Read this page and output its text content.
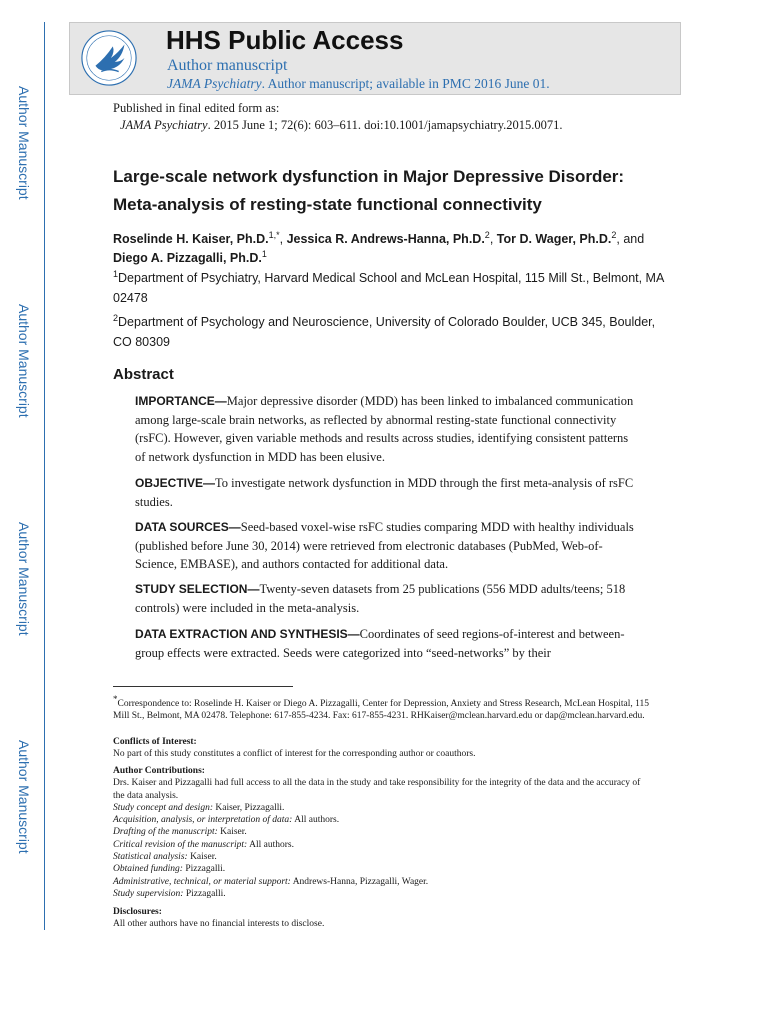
Author Manuscript
Author Manuscript
Author Manuscript
Author Manuscript
HHS Public Access
Author manuscript
JAMA Psychiatry. Author manuscript; available in PMC 2016 June 01.
Published in final edited form as:
JAMA Psychiatry. 2015 June 1; 72(6): 603–611. doi:10.1001/jamapsychiatry.2015.0071.
Large-scale network dysfunction in Major Depressive Disorder:
Meta-analysis of resting-state functional connectivity
Roselinde H. Kaiser, Ph.D.$^{1,*}$, Jessica R. Andrews-Hanna, Ph.D.$^2$, Tor D. Wager, Ph.D.$^2$, and
Diego A. Pizzagalli, Ph.D.$^1$
$^1$Department of Psychiatry, Harvard Medical School and McLean Hospital, 115 Mill St., Belmont, MA 02478
$^2$Department of Psychology and Neuroscience, University of Colorado Boulder, UCB 345, Boulder, CO 80309
Abstract
IMPORTANCE—Major depressive disorder (MDD) has been linked to imbalanced communication among large-scale brain networks, as reflected by abnormal resting-state functional connectivity (rsFC). However, given variable methods and results across studies, identifying consistent patterns of network dysfunction in MDD has been elusive.
OBJECTIVE—To investigate network dysfunction in MDD through the first meta-analysis of rsFC studies.
DATA SOURCES—Seed-based voxel-wise rsFC studies comparing MDD with healthy individuals (published before June 30, 2014) were retrieved from electronic databases (PubMed, Web-of-Science, EMBASE), and authors contacted for additional data.
STUDY SELECTION—Twenty-seven datasets from 25 publications (556 MDD adults/teens; 518 controls) were included in the meta-analysis.
DATA EXTRACTION AND SYNTHESIS—Coordinates of seed regions-of-interest and between-group effects were extracted. Seeds were categorized into “seed-networks” by their
*Correspondence to: Roselinde H. Kaiser or Diego A. Pizzagalli, Center for Depression, Anxiety and Stress Research, McLean Hospital, 115 Mill St., Belmont, MA 02478. Telephone: 617-855-4234. Fax: 617-855-4231. RHKaiser@mclean.harvard.edu or dap@mclean.harvard.edu.
Conflicts of Interest:
No part of this study constitutes a conflict of interest for the corresponding author or coauthors.
Author Contributions:
Drs. Kaiser and Pizzagalli had full access to all the data in the study and take responsibility for the integrity of the data and the accuracy of the data analysis.
Study concept and design: Kaiser, Pizzagalli.
Acquisition, analysis, or interpretation of data: All authors.
Drafting of the manuscript: Kaiser.
Critical revision of the manuscript: All authors.
Statistical analysis: Kaiser.
Obtained funding: Pizzagalli.
Administrative, technical, or material support: Andrews-Hanna, Pizzagalli, Wager.
Study supervision: Pizzagalli.
Disclosures:
All other authors have no financial interests to disclose.
